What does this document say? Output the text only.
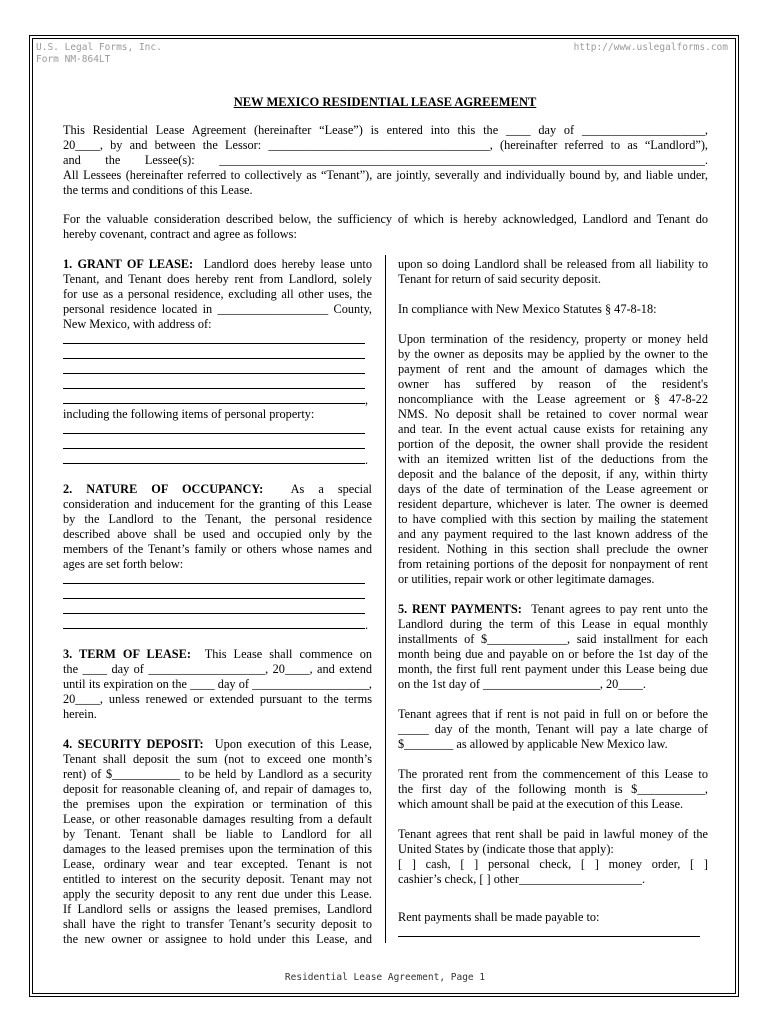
U.S. Legal Forms, Inc.
Form NM-864LT
http://www.uslegalforms.com
NEW MEXICO RESIDENTIAL LEASE AGREEMENT
This Residential Lease Agreement (hereinafter “Lease”) is entered into this the ____ day of ____________________,
20____, by and between the Lessor: ____________________________________, (hereinafter referred to as “Landlord”),
and the Lessee(s): _______________________________________________________________________________.
All Lessees (hereinafter referred to collectively as “Tenant”), are jointly, severally and individually bound by, and liable under,
the terms and conditions of this Lease.
For the valuable consideration described below, the sufficiency of which is hereby acknowledged, Landlord and Tenant do
hereby covenant, contract and agree as follows:
1. GRANT OF LEASE: Landlord does hereby lease unto
Tenant, and Tenant does hereby rent from Landlord, solely
for use as a personal residence, excluding all other uses, the
personal residence located in __________________ County,
New Mexico, with address of:
,
including the following items of personal property:
.
2. NATURE OF OCCUPANCY: As a special
consideration and inducement for the granting of this Lease
by the Landlord to the Tenant, the personal residence
described above shall be used and occupied only by the
members of the Tenant’s family or others whose names and
ages are set forth below:
.
3. TERM OF LEASE: This Lease shall commence on
the ____ day of ___________________, 20____, and extend
until its expiration on the ____ day of ___________________,
20____, unless renewed or extended pursuant to the terms
herein.
4. SECURITY DEPOSIT: Upon execution of this Lease,
Tenant shall deposit the sum (not to exceed one month’s
rent) of $___________ to be held by Landlord as a security
deposit for reasonable cleaning of, and repair of damages to,
the premises upon the expiration or termination of this
Lease, or other reasonable damages resulting from a default
by Tenant. Tenant shall be liable to Landlord for all
damages to the leased premises upon the termination of this
Lease, ordinary wear and tear excepted. Tenant is not
entitled to interest on the security deposit. Tenant may not
apply the security deposit to any rent due under this Lease.
If Landlord sells or assigns the leased premises, Landlord
shall have the right to transfer Tenant’s security deposit to
the new owner or assignee to hold under this Lease, and
upon so doing Landlord shall be released from all liability to
Tenant for return of said security deposit.
In compliance with New Mexico Statutes § 47-8-18:
Upon termination of the residency, property or money held
by the owner as deposits may be applied by the owner to the
payment of rent and the amount of damages which the
owner has suffered by reason of the resident's
noncompliance with the Lease agreement or § 47-8-22
NMS. No deposit shall be retained to cover normal wear
and tear. In the event actual cause exists for retaining any
portion of the deposit, the owner shall provide the resident
with an itemized written list of the deductions from the
deposit and the balance of the deposit, if any, within thirty
days of the date of termination of the Lease agreement or
resident departure, whichever is later. The owner is deemed
to have complied with this section by mailing the statement
and any payment required to the last known address of the
resident. Nothing in this section shall preclude the owner
from retaining portions of the deposit for nonpayment of rent
or utilities, repair work or other legitimate damages.
5. RENT PAYMENTS: Tenant agrees to pay rent unto the
Landlord during the term of this Lease in equal monthly
installments of $_____________, said installment for each
month being due and payable on or before the 1st day of the
month, the first full rent payment under this Lease being due
on the 1st day of ___________________, 20____.
Tenant agrees that if rent is not paid in full on or before the
_____ day of the month, Tenant will pay a late charge of
$________ as allowed by applicable New Mexico law.
The prorated rent from the commencement of this Lease to
the first day of the following month is $___________,
which amount shall be paid at the execution of this Lease.
Tenant agrees that rent shall be paid in lawful money of the
United States by (indicate those that apply):
[ ] cash, [ ] personal check, [ ] money order, [ ]
cashier’s check, [ ] other____________________.
Rent payments shall be made payable to:
Residential Lease Agreement, Page 1
